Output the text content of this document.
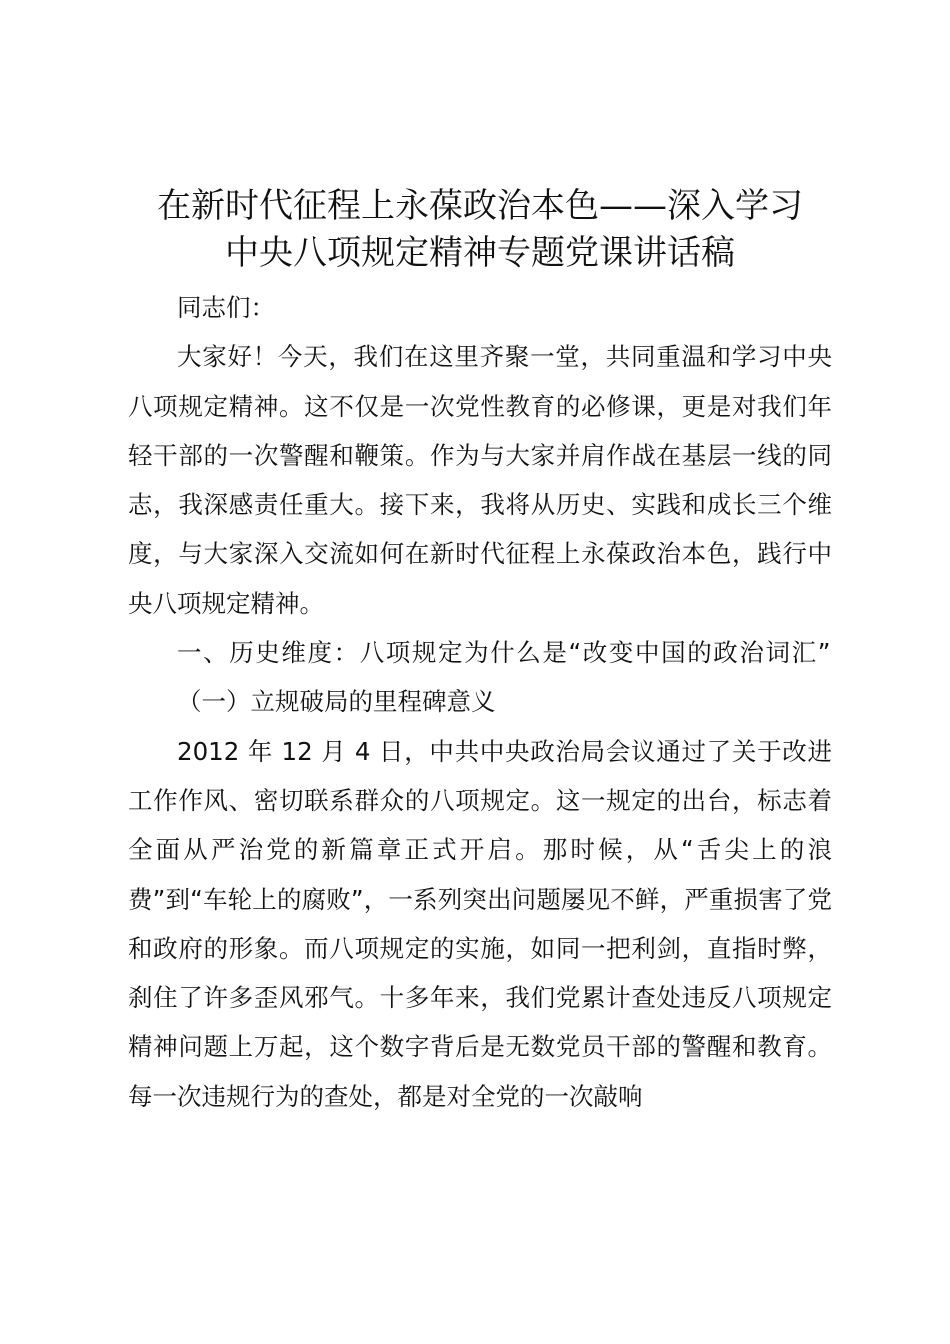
在新时代征程上永葆政治本色——深入学习
中央八项规定精神专题党课讲话稿

同志们：

大家好！今天，我们在这里齐聚一堂，共同重温和学习中央八项规定精神。这不仅是一次党性教育的必修课，更是对我们年轻干部的一次警醒和鞭策。作为与大家并肩作战在基层一线的同志，我深感责任重大。接下来，我将从历史、实践和成长三个维度，与大家深入交流如何在新时代征程上永葆政治本色，践行中央八项规定精神。

一、历史维度：八项规定为什么是“改变中国的政治词汇”

（一）立规破局的里程碑意义

2012 年 12 月 4 日，中共中央政治局会议通过了关于改进工作作风、密切联系群众的八项规定。这一规定的出台，标志着全面从严治党的新篇章正式开启。那时候，从“舌尖上的浪费”到“车轮上的腐败”，一系列突出问题屡见不鲜，严重损害了党和政府的形象。而八项规定的实施，如同一把利剑，直指时弊，刹住了许多歪风邪气。十多年来，我们党累计查处违反八项规定精神问题上万起，这个数字背后是无数党员干部的警醒和教育。每一次违规行为的查处，都是对全党的一次敲响
